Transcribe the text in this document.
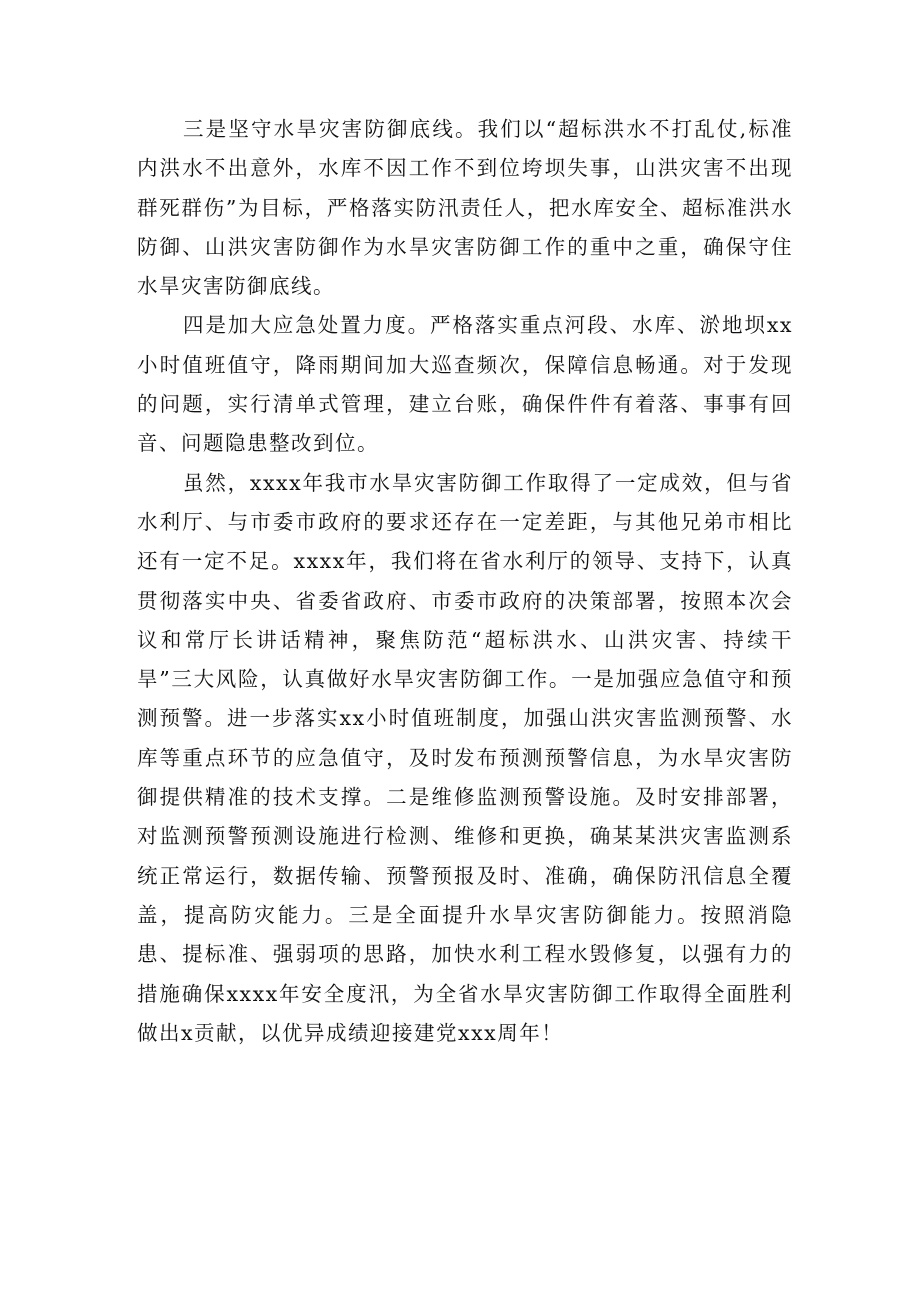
三是坚守水旱灾害防御底线。我们以“超标洪水不打乱仗,标准内洪水不出意外，水库不因工作不到位垮坝失事，山洪灾害不出现群死群伤”为目标，严格落实防汛责任人，把水库安全、超标准洪水防御、山洪灾害防御作为水旱灾害防御工作的重中之重，确保守住水旱灾害防御底线。

四是加大应急处置力度。严格落实重点河段、水库、淤地坝xx小时值班值守，降雨期间加大巡查频次，保障信息畅通。对于发现的问题，实行清单式管理，建立台账，确保件件有着落、事事有回音、问题隐患整改到位。

虽然，xxxx年我市水旱灾害防御工作取得了一定成效，但与省水利厅、与市委市政府的要求还存在一定差距，与其他兄弟市相比还有一定不足。xxxx年，我们将在省水利厅的领导、支持下，认真贯彻落实中央、省委省政府、市委市政府的决策部署，按照本次会议和常厅长讲话精神，聚焦防范“超标洪水、山洪灾害、持续干旱”三大风险，认真做好水旱灾害防御工作。一是加强应急值守和预测预警。进一步落实xx小时值班制度，加强山洪灾害监测预警、水库等重点环节的应急值守，及时发布预测预警信息，为水旱灾害防御提供精准的技术支撑。二是维修监测预警设施。及时安排部署，对监测预警预测设施进行检测、维修和更换，确某某洪灾害监测系统正常运行，数据传输、预警预报及时、准确，确保防汛信息全覆盖，提高防灾能力。三是全面提升水旱灾害防御能力。按照消隐患、提标准、强弱项的思路，加快水利工程水毁修复，以强有力的措施确保xxxx年安全度汛，为全省水旱灾害防御工作取得全面胜利做出x贡献，以优异成绩迎接建党xxx周年！
